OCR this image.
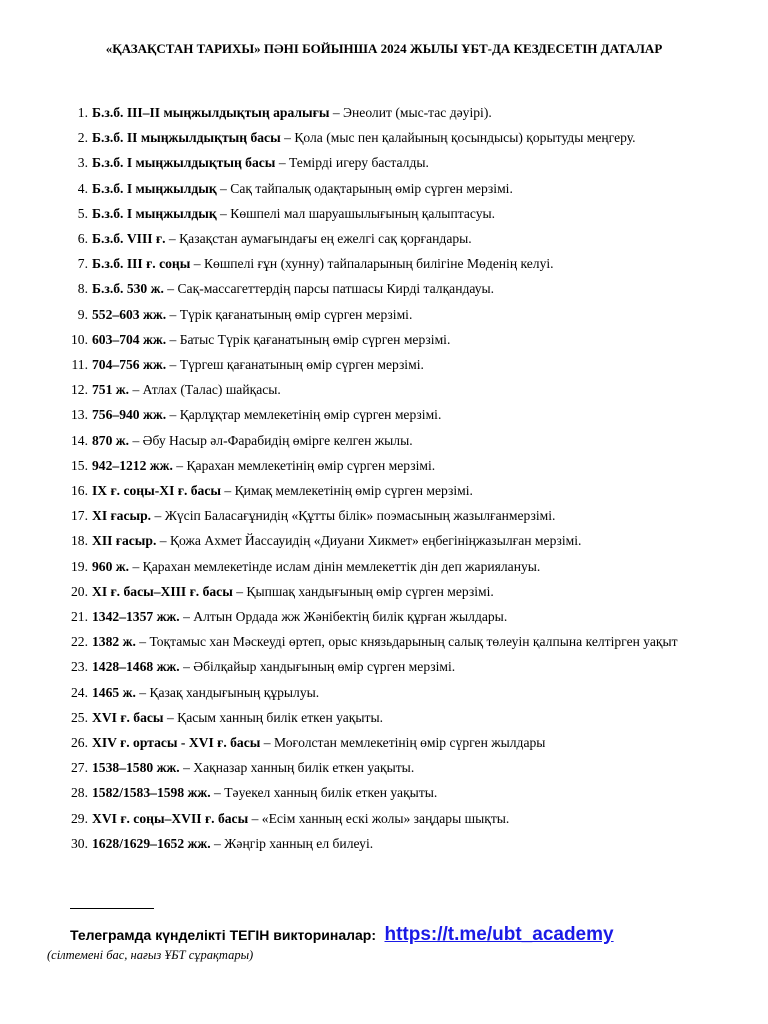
«ҚАЗАҚСТАН ТАРИХЫ» ПӘНІ БОЙЫНША 2024 ЖЫЛЫ ҰБТ-ДА КЕЗДЕСЕТІН ДАТАЛАР
1. Б.з.б. ІІІ–ІІ мыңжылдықтың аралығы – Энеолит (мыс-тас дәуірі).
2. Б.з.б. ІІ мыңжылдықтың басы – Қола (мыс пен қалайының қосындысы) қорытуды меңгеру.
3. Б.з.б. І мыңжылдықтың басы – Темірді игеру басталды.
4. Б.з.б. І мыңжылдық – Сақ тайпалық одақтарының өмір сүрген мерзімі.
5. Б.з.б. І мыңжылдық – Көшпелі мал шаруашылығының қалыптасуы.
6. Б.з.б. VІІІ ғ. – Қазақстан аумағындағы ең ежелгі сақ қорғандары.
7. Б.з.б. ІІІ ғ. соңы – Көшпелі ғұн (хунну) тайпаларының билігіне Мөденің келуі.
8. Б.з.б. 530 ж. – Сақ-массагеттердің парсы патшасы Кирді талқандауы.
9. 552–603 жж. – Түрік қағанатының өмір сүрген мерзімі.
10. 603–704 жж. – Батыс Түрік қағанатының өмір сүрген мерзімі.
11. 704–756 жж. – Түргеш қағанатының өмір сүрген мерзімі.
12. 751 ж. – Атлах (Талас) шайқасы.
13. 756–940 жж. – Қарлұқтар мемлекетінің өмір сүрген мерзімі.
14. 870 ж. – Әбу Насыр әл-Фарабидің өмірге келген жылы.
15. 942–1212 жж. – Қарахан мемлекетінің өмір сүрген мерзімі.
16. ІХ ғ. соңы-ХІ ғ. басы – Қимақ мемлекетінің өмір сүрген мерзімі.
17. ХІ ғасыр. – Жүсіп Баласағұнидің «Құтты білік» поэмасының жазылғанмерзімі.
18. ХІІ ғасыр. – Қожа Ахмет Йассауидің «Диуани Хикмет» еңбегініңжазылған мерзімі.
19. 960 ж. – Қарахан мемлекетінде ислам дінін мемлекеттік дін деп жариялануы.
20. ХІ ғ. басы–ХІІІ ғ. басы – Қыпшақ хандығының өмір сүрген мерзімі.
21. 1342–1357 жж. – Алтын Ордада жж Жәнібектің билік құрған жылдары.
22. 1382 ж. – Тоқтамыс хан Мәскеуді өртеп, орыс князьдарының салық төлеуін қалпына келтірген уақыт
23. 1428–1468 жж. – Әбілқайыр хандығының өмір сүрген мерзімі.
24. 1465 ж. – Қазақ хандығының құрылуы.
25. ХVІ ғ. басы – Қасым ханның билік еткен уақыты.
26. ХІV ғ. ортасы - ХVІ ғ. басы – Моғолстан мемлекетінің өмір сүрген жылдары
27. 1538–1580 жж. – Хақназар ханның билік еткен уақыты.
28. 1582/1583–1598 жж. – Тәуекел ханның билік еткен уақыты.
29. ХVІ ғ. соңы–ХVІІ ғ. басы – «Есім ханның ескі жолы» заңдары шықты.
30. 1628/1629–1652 жж. – Жәңгір ханның ел билеуі.
Телеграмда күнделікті ТЕГІН викториналар: https://t.me/ubt_academy
(сілтемені бас, нағыз ҰБТ сұрақтары)
